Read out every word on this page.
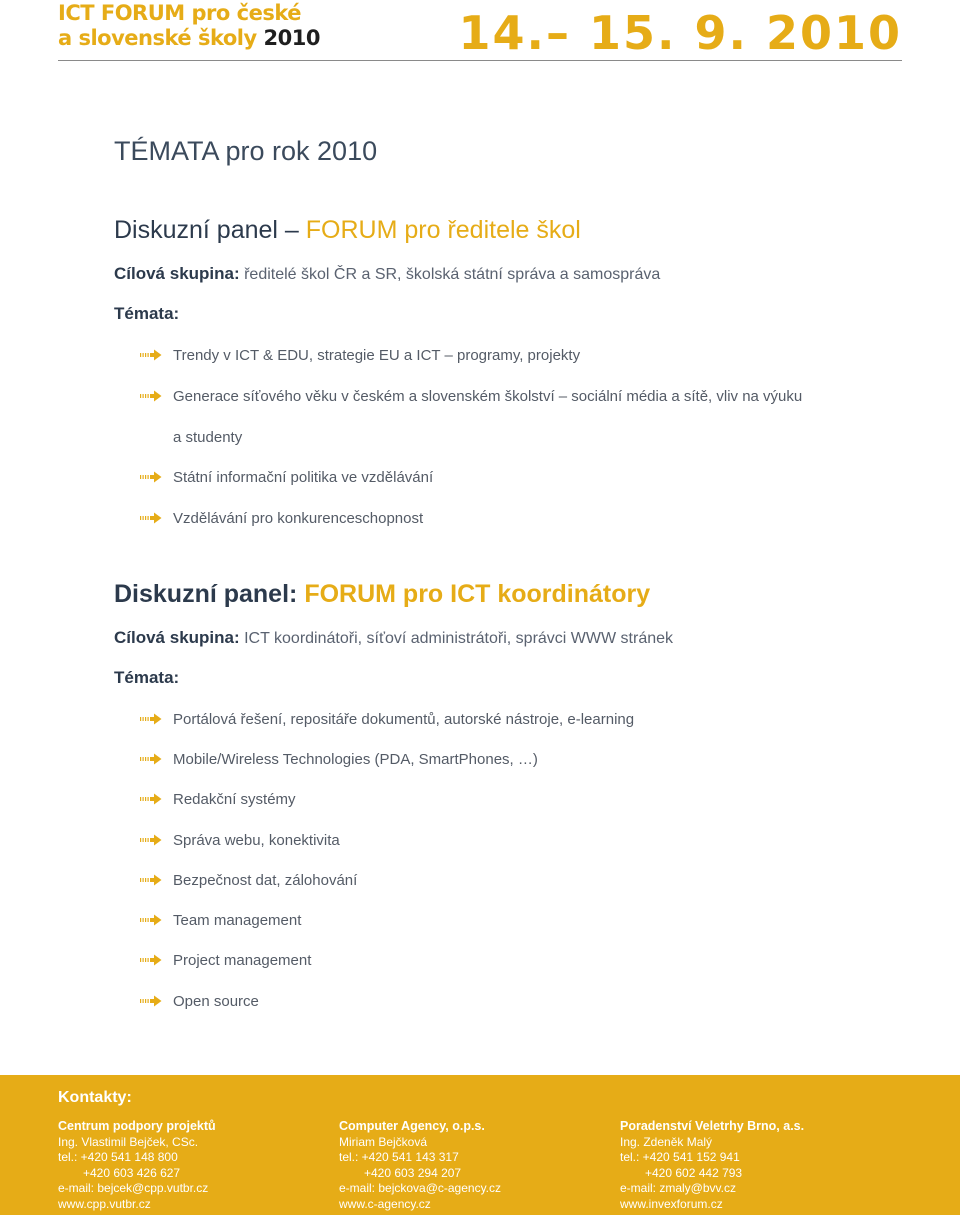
ICT FORUM pro české
a slovenské školy 2010	14.– 15. 9. 2010
TÉMATA pro rok 2010
Diskuzní panel – FORUM pro ředitele škol
Cílová skupina: ředitelé škol ČR a SR, školská státní správa a samospráva
Témata:
Trendy v ICT & EDU, strategie EU a ICT – programy, projekty
Generace síťového věku v českém a slovenském školství – sociální média a sítě, vliv na výuku
a studenty
Státní informační politika ve vzdělávání
Vzdělávání pro konkurenceschopnost
Diskuzní panel: FORUM pro ICT koordinátory
Cílová skupina: ICT koordinátoři, síťoví administrátoři, správci WWW stránek
Témata:
Portálová řešení, repositáře dokumentů, autorské nástroje, e-learning
Mobile/Wireless Technologies (PDA, SmartPhones, …)
Redakční systémy
Správa webu, konektivita
Bezpečnost dat, zálohování
Team management
Project management
Open source
Kontakty:
Centrum podpory projektů
Ing. Vlastimil Bejček, CSc.
tel.: +420 541 148 800
+420 603 426 627
e-mail: bejcek@cpp.vutbr.cz
www.cpp.vutbr.cz
Computer Agency, o.p.s.
Miriam Bejčková
tel.: +420 541 143 317
+420 603 294 207
e-mail: bejckova@c-agency.cz
www.c-agency.cz
Poradenství Veletrhy Brno, a.s.
Ing. Zdeněk Malý
tel.: +420 541 152 941
+420 602 442 793
e-mail: zmaly@bvv.cz
www.invexforum.cz
